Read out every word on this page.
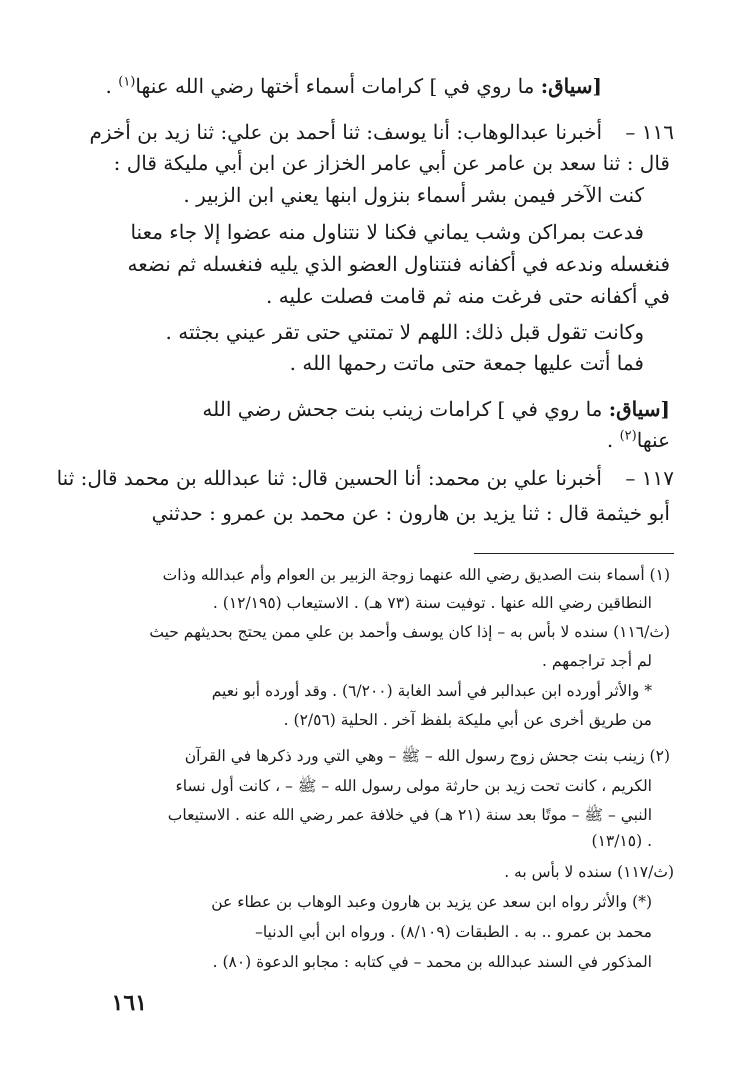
[سياق: ما روي في ] كرامات أسماء أختها رضي الله عنها$^{(١)}$ .
١١٦ –
أخبرنا عبدالوهاب: أنا يوسف: ثنا أحمد بن علي: ثنا زيد بن أخزم
قال : ثنا سعد بن عامر عن أبي عامر الخزاز عن ابن أبي مليكة قال :
كنت الآخر فيمن بشر أسماء بنزول ابنها يعني ابن الزبير .
فدعت بمراكن وشب يماني فكنا لا نتناول منه عضوا إلا جاء معنا
فنغسله وندعه في أكفانه فنتناول العضو الذي يليه فنغسله ثم نضعه
في أكفانه حتى فرغت منه ثم قامت فصلت عليه .
وكانت تقول قبل ذلك: اللهم لا تمتني حتى تقر عيني بجثته .
فما أتت عليها جمعة حتى ماتت رحمها الله .
[سياق: ما روي في ] كرامات زينب بنت جحش رضي الله
عنها$^{(٢)}$ .
١١٧ –
أخبرنا علي بن محمد: أنا الحسين قال: ثنا عبدالله بن محمد قال: ثنا
أبو خيثمة قال : ثنا يزيد بن هارون : عن محمد بن عمرو : حدثني
(١) أسماء بنت الصديق رضي الله عنهما زوجة الزبير بن العوام وأم عبدالله وذات
النطاقين رضي الله عنها . توفيت سنة (٧٣ هـ) . الاستيعاب (١٢/١٩٥) .
(ث/١١٦) سنده لا بأس به – إذا كان يوسف وأحمد بن علي ممن يحتج بحديثهم حيث
لم أجد تراجمهم .
* والأثر أورده ابن عبدالبر في أسد الغابة (٦/٢٠٠) . وقد أورده أبو نعيم
من طريق أخرى عن أبي مليكة بلفظ آخر . الحلية (٢/٥٦) .
(٢) زينب بنت جحش زوج رسول الله – ﷺ – وهي التي ورد ذكرها في القرآن
الكريم ، كانت تحت زيد بن حارثة مولى رسول الله – ﷺ – ، كانت أول نساء
النبي – ﷺ – موتًا بعد سنة (٢١ هـ) في خلافة عمر رضي الله عنه . الاستيعاب
(١٣/١٥) .
(ث/١١٧) سنده لا بأس به .
(*) والأثر رواه ابن سعد عن يزيد بن هارون وعبد الوهاب بن عطاء عن
محمد بن عمرو .. به . الطبقات (٨/١٠٩) . ورواه ابن أبي الدنيا–
المذكور في السند عبدالله بن محمد – في كتابه : مجابو الدعوة (٨٠) .
١٦١
